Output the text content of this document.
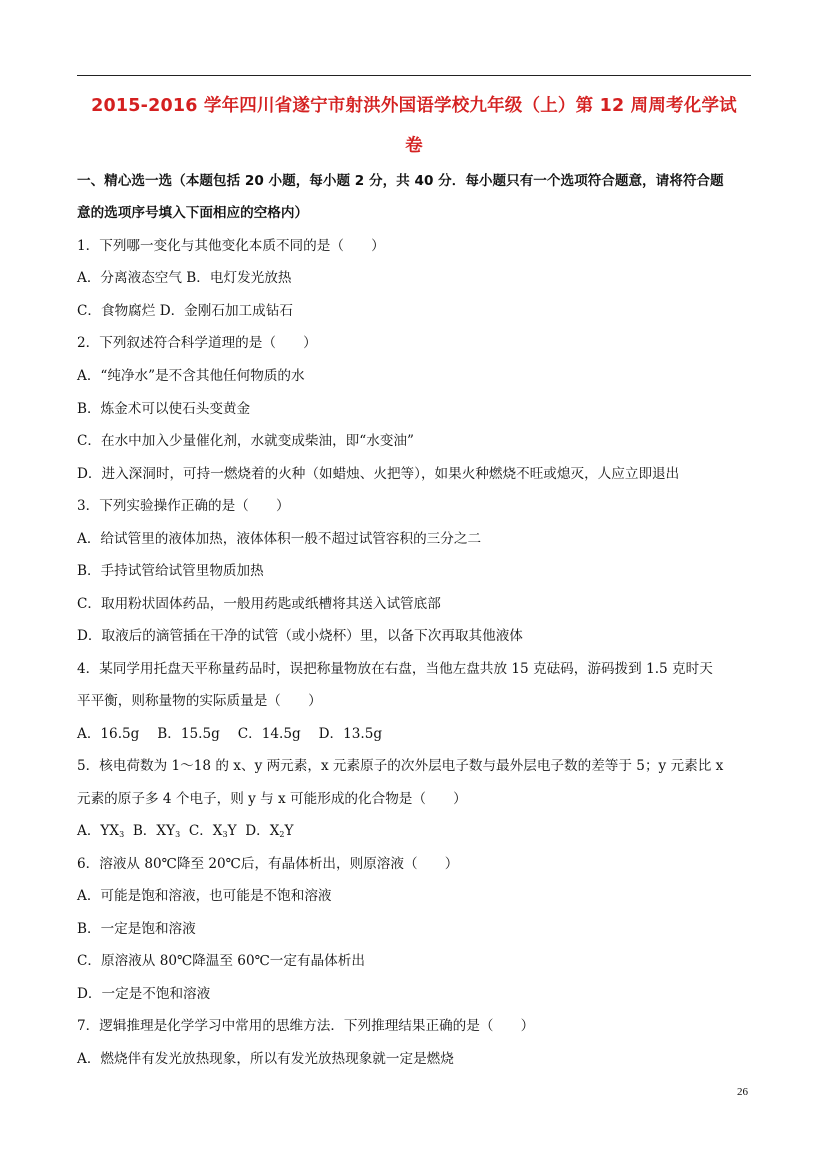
2015-2016 学年四川省遂宁市射洪外国语学校九年级（上）第 12 周周考化学试
卷
一、精心选一选（本题包括 20 小题，每小题 2 分，共 40 分．每小题只有一个选项符合题意，请将符合题
意的选项序号填入下面相应的空格内）
1．下列哪一变化与其他变化本质不同的是（　　）
A．分离液态空气 B．电灯发光放热
C．食物腐烂 D．金刚石加工成钻石
2．下列叙述符合科学道理的是（　　）
A．“纯净水”是不含其他任何物质的水
B．炼金术可以使石头变黄金
C．在水中加入少量催化剂，水就变成柴油，即“水变油”
D．进入深洞时，可持一燃烧着的火种（如蜡烛、火把等），如果火种燃烧不旺或熄灭，人应立即退出
3．下列实验操作正确的是（　　）
A．给试管里的液体加热，液体体积一般不超过试管容积的三分之二
B．手持试管给试管里物质加热
C．取用粉状固体药品，一般用药匙或纸槽将其送入试管底部
D．取液后的滴管插在干净的试管（或小烧杯）里，以备下次再取其他液体
4．某同学用托盘天平称量药品时，误把称量物放在右盘，当他左盘共放 15 克砝码，游码拨到 1.5 克时天
平平衡，则称量物的实际质量是（　　）
A．16.5g　 B．15.5g　 C．14.5g　 D．13.5g
5．核电荷数为 1～18 的 x、y 两元素，x 元素原子的次外层电子数与最外层电子数的差等于 5；y 元素比 x
元素的原子多 4 个电子，则 y 与 x 可能形成的化合物是（　　）
A．$YX_3$ B．$XY_3$ C．$X_3Y$ D．$X_2Y$
6．溶液从 80℃降至 20℃后，有晶体析出，则原溶液（　　）
A．可能是饱和溶液，也可能是不饱和溶液
B．一定是饱和溶液
C．原溶液从 80℃降温至 60℃一定有晶体析出
D．一定是不饱和溶液
7．逻辑推理是化学学习中常用的思维方法．下列推理结果正确的是（　　）
A．燃烧伴有发光放热现象，所以有发光放热现象就一定是燃烧
26
